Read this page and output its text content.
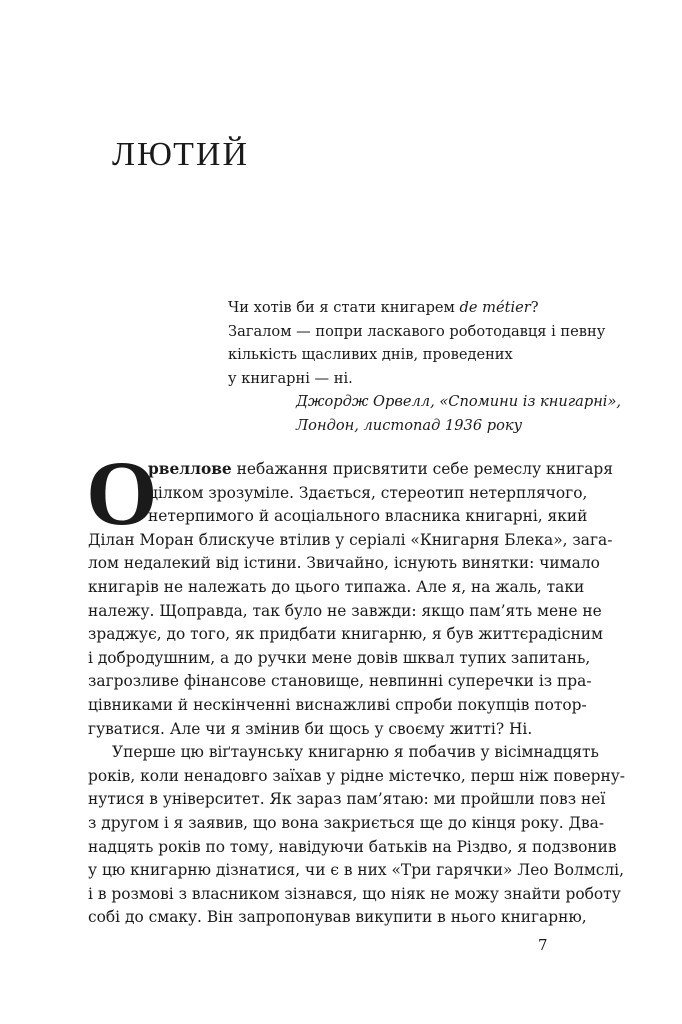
ЛЮТИЙ
Чи хотів би я стати книгарем de métier?
Загалом — попри ласкавого роботодавця і певну
кількість щасливих днів, проведених
у книгарні — ні.
Джордж Орвелл, «Спомини із книгарні»,
Лондон, листопад 1936 року
О
рвеллове небажання присвятити себе ремеслу книгаря
цілком зрозуміле. Здається, стереотип нетерплячого,
нетерпимого й асоціального власника книгарні, який
Ділан Моран блискуче втілив у серіалі «Книгарня Блека», зага-
лом недалекий від істини. Звичайно, існують винятки: чимало
книгарів не належать до цього типажа. Але я, на жаль, таки
належу. Щоправда, так було не завжди: якщо пам’ять мене не
зраджує, до того, як придбати книгарню, я був життєрадісним
і добродушним, а до ручки мене довів шквал тупих запитань,
загрозливе фінансове становище, невпинні суперечки із пра-
цівниками й нескінченні виснажливі спроби покупців потор-
гуватися. Але чи я змінив би щось у своєму житті? Ні.
Уперше цю віґтаунську книгарню я побачив у вісімнадцять
років, коли ненадовго заїхав у рідне містечко, перш ніж поверну-
нутися в університет. Як зараз пам’ятаю: ми пройшли повз неї
з другом і я заявив, що вона закриється ще до кінця року. Два-
надцять років по тому, навідуючи батьків на Різдво, я подзвонив
у цю книгарню дізнатися, чи є в них «Три гарячки» Лео Волмслі,
і в розмові з власником зізнався, що ніяк не можу знайти роботу
собі до смаку. Він запропонував викупити в нього книгарню,
7
